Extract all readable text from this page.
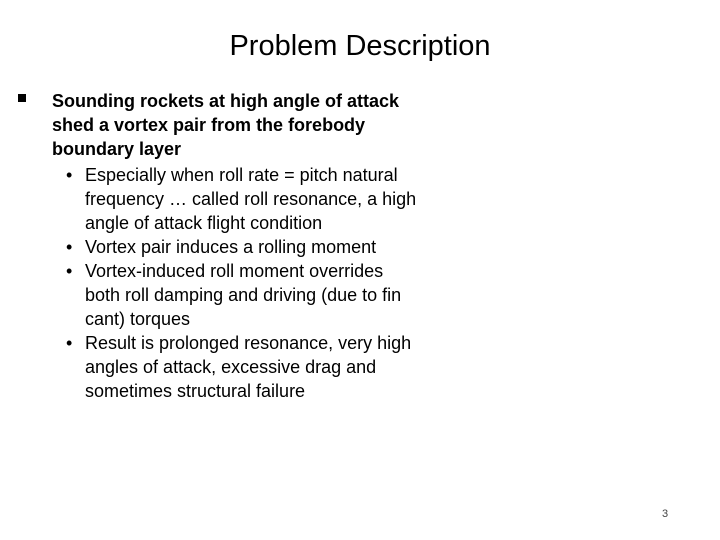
Problem Description
Sounding rockets at high angle of attack shed a vortex pair from the forebody boundary layer
• Especially when roll rate = pitch natural frequency … called roll resonance, a high angle of attack flight condition
• Vortex pair induces a rolling moment
• Vortex-induced roll moment overrides both roll damping and driving (due to fin cant) torques
• Result is prolonged resonance, very high angles of attack, excessive drag and sometimes structural failure
3
